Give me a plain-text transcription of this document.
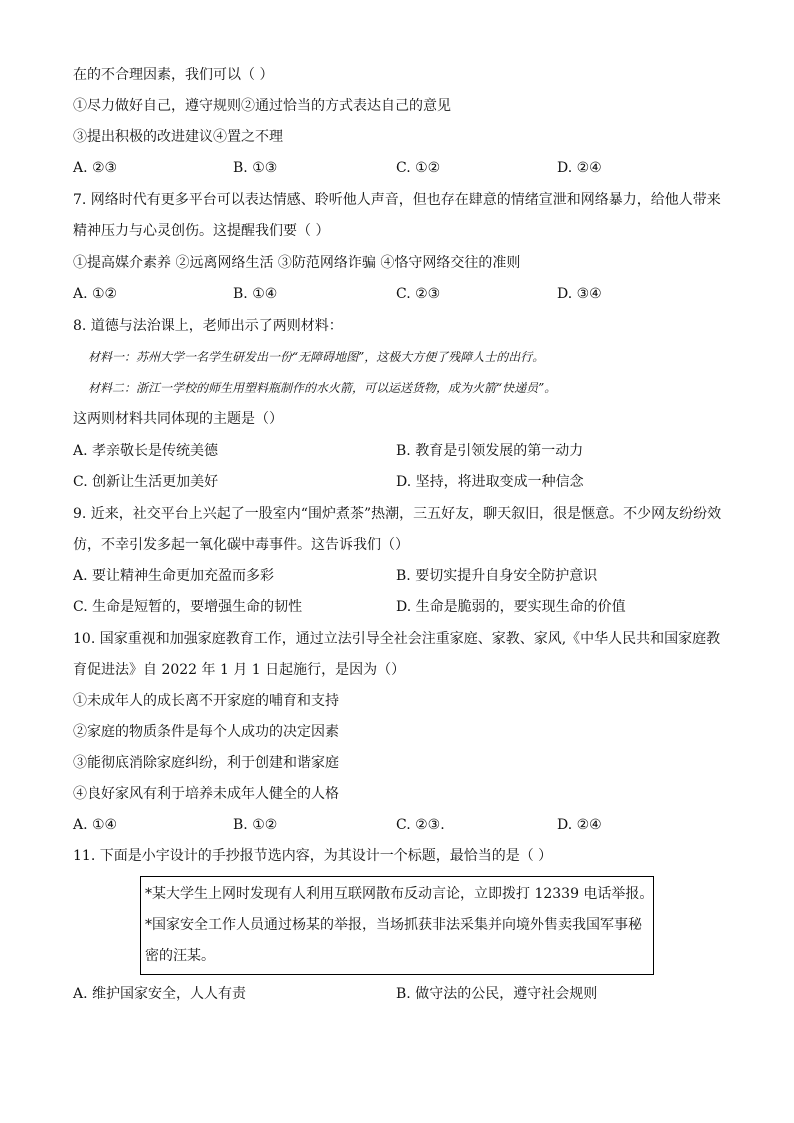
在的不合理因素，我们可以（ ）
①尽力做好自己，遵守规则②通过恰当的方式表达自己的意见
③提出积极的改进建议④置之不理
A. ②③	B. ①③	C. ①②	D. ②④
7. 网络时代有更多平台可以表达情感、聆听他人声音，但也存在肆意的情绪宣泄和网络暴力，给他人带来
精神压力与心灵创伤。这提醒我们要（ ）
①提高媒介素养 ②远离网络生活 ③防范网络诈骗 ④恪守网络交往的准则
A. ①②	B. ①④	C. ②③	D. ③④
8. 道德与法治课上，老师出示了两则材料：
材料一：苏州大学一名学生研发出一份“无障碍地图”，这极大方便了残障人士的出行。
材料二：浙江一学校的师生用塑料瓶制作的水火箭，可以运送货物，成为火箭“快递员”。
这两则材料共同体现的主题是（）
A. 孝亲敬长是传统美德	B. 教育是引领发展的第一动力
C. 创新让生活更加美好	D. 坚持，将进取变成一种信念
9. 近来，社交平台上兴起了一股室内“围炉煮茶”热潮，三五好友，聊天叙旧，很是惬意。不少网友纷纷效
仿，不幸引发多起一氧化碳中毒事件。这告诉我们（）
A. 要让精神生命更加充盈而多彩	B. 要切实提升自身安全防护意识
C. 生命是短暂的，要增强生命的韧性	D. 生命是脆弱的，要实现生命的价值
10. 国家重视和加强家庭教育工作，通过立法引导全社会注重家庭、家教、家风,《中华人民共和国家庭教
育促进法》自 2022 年 1 月 1 日起施行，是因为（）
①未成年人的成长离不开家庭的哺育和支持
②家庭的物质条件是每个人成功的决定因素
③能彻底消除家庭纠纷，利于创建和谐家庭
④良好家风有利于培养未成年人健全的人格
A. ①④	B. ①②	C. ②③.	D. ②④
11. 下面是小宇设计的手抄报节选内容，为其设计一个标题，最恰当的是（ ）
*某大学生上网时发现有人利用互联网散布反动言论，立即拨打 12339 电话举报。
*国家安全工作人员通过杨某的举报，当场抓获非法采集并向境外售卖我国军事秘
密的汪某。
A. 维护国家安全，人人有责	B. 做守法的公民，遵守社会规则
